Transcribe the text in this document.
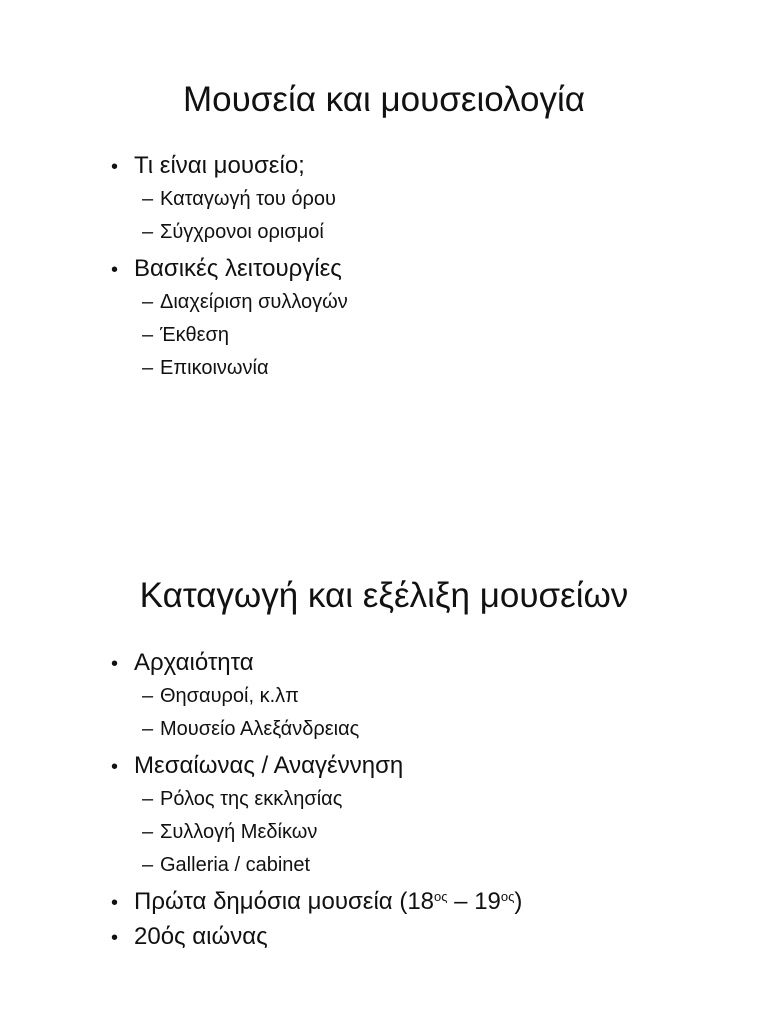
Μουσεία και μουσειολογία
• Τι είναι μουσείο;
– Καταγωγή του όρου
– Σύγχρονοι ορισμοί
• Βασικές λειτουργίες
– Διαχείριση συλλογών
– Έκθεση
– Επικοινωνία
Καταγωγή και εξέλιξη μουσείων
• Αρχαιότητα
– Θησαυροί, κ.λπ
– Μουσείο Αλεξάνδρειας
• Μεσαίωνας / Αναγέννηση
– Ρόλος της εκκλησίας
– Συλλογή Μεδίκων
– Galleria / cabinet
• Πρώτα δημόσια μουσεία $(18^{o\varsigma} - 19^{o\varsigma})$
• 20ός αιώνας
